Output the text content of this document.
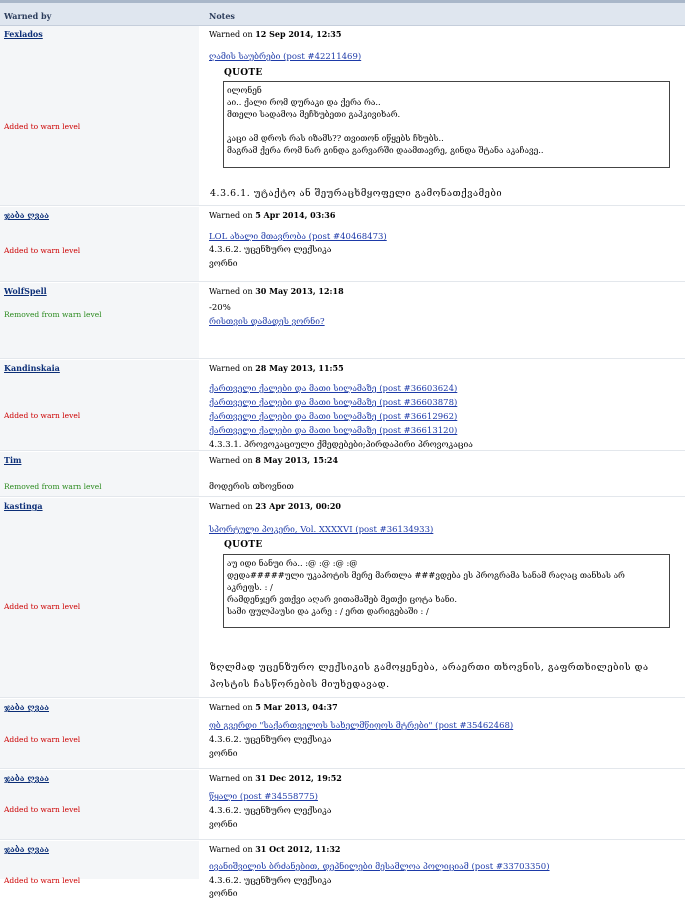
Warned by	Notes
Fexlados
Added to warn level
Warned on 12 Sep 2014, 12:35
ღამის საუბრები (post #42211469)
QUOTE
ილონენ
აი.. ქალი რომ დურაკი და ქერა რა..
მთელი სადამოა მეჩხუბეთი გაჰკივიხარ.
კაცი ამ დროს რას იზამს?? თვითონ იწყებს ჩხუბს..
მაგრამ ქერა რომ ნარ გინდა გარვარში დაამთავრე, გინდა შტანა აკაჩავე..
4.3.6.1. უტაქტო ან შეურაცხმყოფელი გამონათქვამები
ჯაბა ღვაა
Added to warn level
Warned on 5 Apr 2014, 03:36
LOL ახალი მთავრობა (post #40468473)
4.3.6.2. უცენზურო ლექსიკა
ვორნი
WolfSpell
Removed from warn level
Warned on 30 May 2013, 12:18
-20%
რისთვის დამადეს ვორნი?
Kandinskaia
Added to warn level
Warned on 28 May 2013, 11:55
ქართველი ქალები და მათი სილამაზე (post #36603624)
ქართველი ქალები და მათი სილამაზე (post #36603878)
ქართველი ქალები და მათი სილამაზე (post #36612962)
ქართველი ქალები და მათი სილამაზე (post #36613120)
4.3.3.1. პროვოკაციული ქმედებები;პირდაპირი პროვოკაცია
Tim
Removed from warn level
Warned on 8 May 2013, 15:24
მოდერის თხოვნით
kastinga
Added to warn level
Warned on 23 Apr 2013, 00:20
სპორტული პოკერი, Vol. XXXXVI (post #36134933)
QUOTE
აუ იდი ნანუი რა.. :@ :@ :@ :@
დედა#####ული უკაპოტის მერე მართლა ###ვდება ეს პროგრამა სანამ რაღაც თანხას არ
აკრეფს. : /
რამდენჯერ ვთქვი აღარ ვითამაშებ მეთქი ცოტა ხანი.
სამი ფულჰაუსი და კარე : / ერთ დარიგებაში : /
ზღლმად უცენზურო ლექსიკის გამოყენება, არაერთი თხოვნის, გაფრთხილების და
პოსტის ჩასწორების მიუხედავად.
ჯაბა ღვაა
Added to warn level
Warned on 5 Mar 2013, 04:37
ფბ გვერდი "საქართველოს სახელმწიფოს მტრები" (post #35462468)
4.3.6.2. უცენზურო ლექსიკა
ვორნი
ჯაბა ღვაა
Added to warn level
Warned on 31 Dec 2012, 19:52
წყალი (post #34558775)
4.3.6.2. უცენზურო ლექსიკა
ვორნი
ჯაბა ღვაა
Added to warn level
Warned on 31 Oct 2012, 11:32
ივანიშვილის ბრძანებით, დეპნილები მესამლოა პოლიციამ (post #33703350)
4.3.6.2. უცენზურო ლექსიკა
ვორნი
